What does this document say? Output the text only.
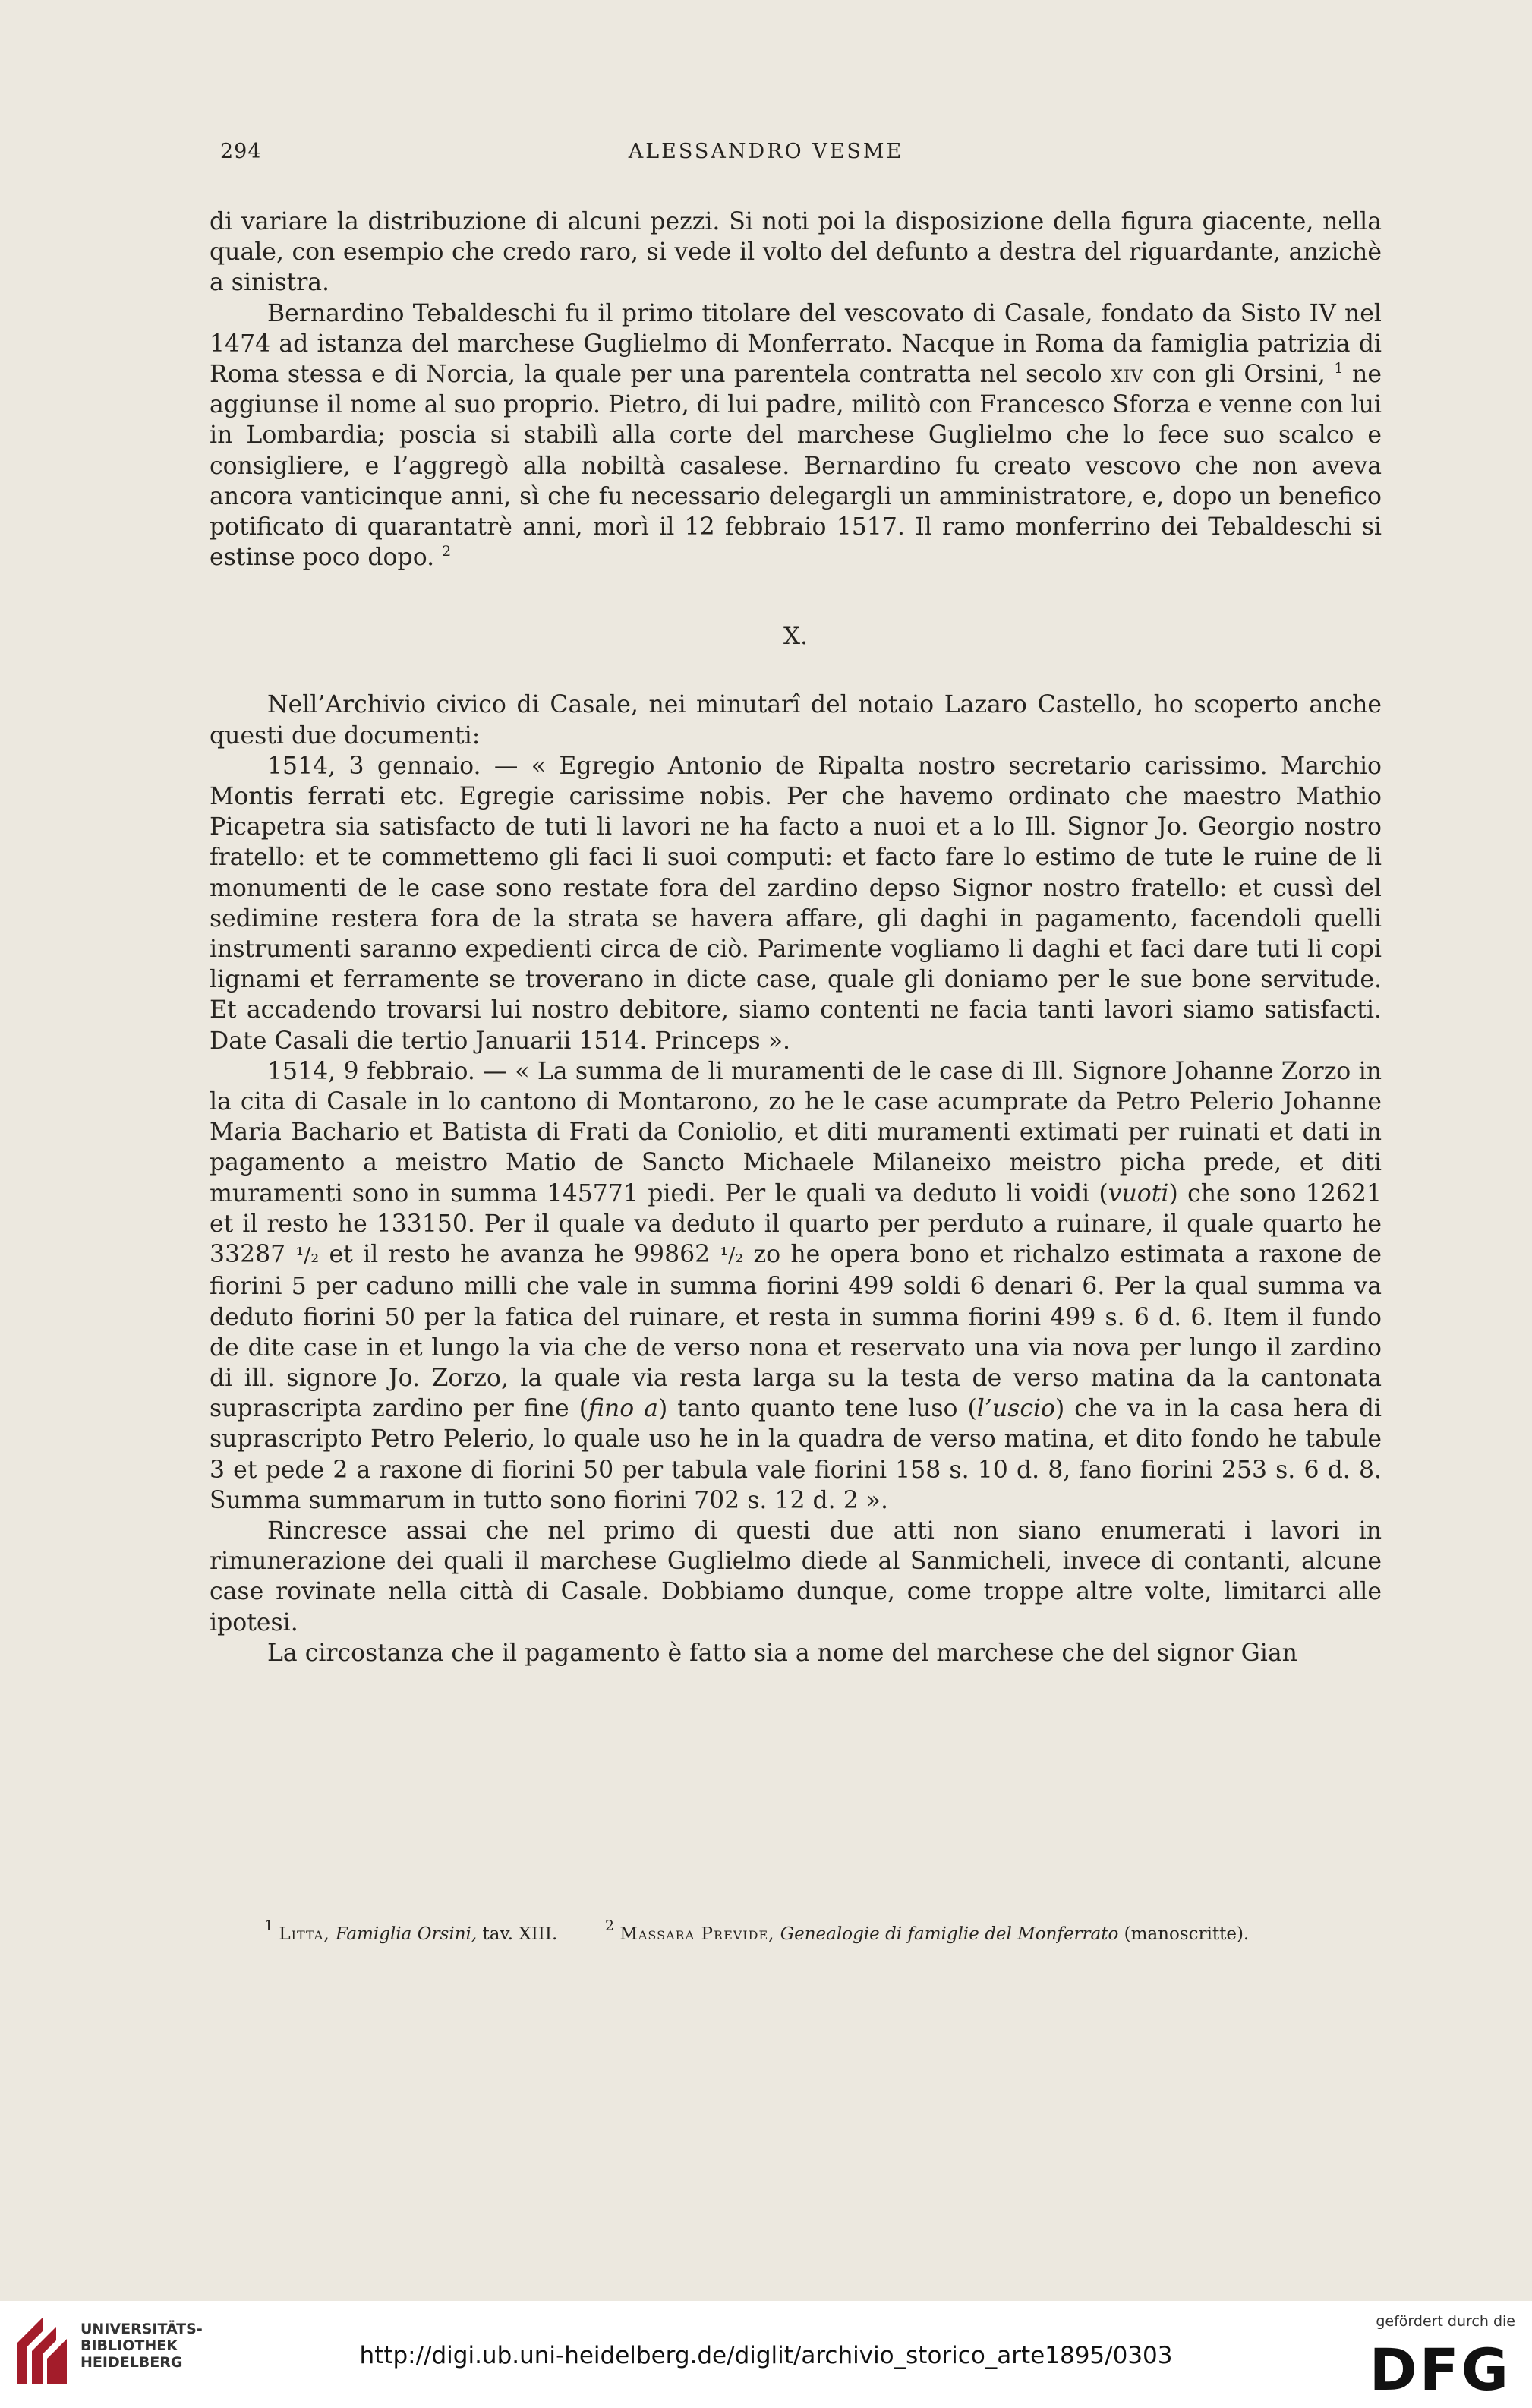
294	ALESSANDRO VESME

di variare la distribuzione di alcuni pezzi. Si noti poi la disposizione della figura giacente, nella quale, con esempio che credo raro, si vede il volto del defunto a destra del riguardante, anzichè a sinistra.

Bernardino Tebaldeschi fu il primo titolare del vescovato di Casale, fondato da Sisto IV nel 1474 ad istanza del marchese Guglielmo di Monferrato. Nacque in Roma da famiglia patrizia di Roma stessa e di Norcia, la quale per una parentela contratta nel secolo xiv con gli Orsini, $^1$ ne aggiunse il nome al suo proprio. Pietro, di lui padre, militò con Francesco Sforza e venne con lui in Lombardia; poscia si stabilì alla corte del marchese Guglielmo che lo fece suo scalco e consigliere, e l’aggregò alla nobiltà casalese. Bernardino fu creato vescovo che non aveva ancora vanticinque anni, sì che fu necessario delegargli un amministratore, e, dopo un benefico potificato di quarantatrè anni, morì il 12 febbraio 1517. Il ramo monferrino dei Tebaldeschi si estinse poco dopo. $^2$

X.

Nell’Archivio civico di Casale, nei minutarî del notaio Lazaro Castello, ho scoperto anche questi due documenti:

1514, 3 gennaio. — « Egregio Antonio de Ripalta nostro secretario carissimo. Marchio Montis ferrati etc. Egregie carissime nobis. Per che havemo ordinato che maestro Mathio Picapetra sia satisfacto de tuti li lavori ne ha facto a nuoi et a lo Ill. Signor Jo. Georgio nostro fratello: et te commettemo gli faci li suoi computi: et facto fare lo estimo de tute le ruine de li monumenti de le case sono restate fora del zardino depso Signor nostro fratello: et cussì del sedimine restera fora de la strata se havera affare, gli daghi in pagamento, facendoli quelli instrumenti saranno expedienti circa de ciò. Parimente vogliamo li daghi et faci dare tuti li copi lignami et ferramente se troverano in dicte case, quale gli doniamo per le sue bone servitude. Et accadendo trovarsi lui nostro debitore, siamo contenti ne facia tanti lavori siamo satisfacti. Date Casali die tertio Januarii 1514. Princeps ».

1514, 9 febbraio. — « La summa de li muramenti de le case di Ill. Signore Johanne Zorzo in la cita di Casale in lo cantono di Montarono, zo he le case acumprate da Petro Pelerio Johanne Maria Bachario et Batista di Frati da Coniolio, et diti muramenti extimati per ruinati et dati in pagamento a meistro Matio de Sancto Michaele Milaneixo meistro picha prede, et diti muramenti sono in summa 145771 piedi. Per le quali va deduto li voidi (vuoti) che sono 12621 et il resto he 133150. Per il quale va deduto il quarto per perduto a ruinare, il quale quarto he 33287 ¹/₂ et il resto he avanza he 99862 ¹/₂ zo he opera bono et richalzo estimata a raxone de fiorini 5 per caduno milli che vale in summa fiorini 499 soldi 6 denari 6. Per la qual summa va deduto fiorini 50 per la fatica del ruinare, et resta in summa fiorini 499 s. 6 d. 6. Item il fundo de dite case in et lungo la via che de verso nona et reservato una via nova per lungo il zardino di ill. signore Jo. Zorzo, la quale via resta larga su la testa de verso matina da la cantonata suprascripta zardino per fine (fino a) tanto quanto tene luso (l’uscio) che va in la casa hera di suprascripto Petro Pelerio, lo quale uso he in la quadra de verso matina, et dito fondo he tabule 3 et pede 2 a raxone di fiorini 50 per tabula vale fiorini 158 s. 10 d. 8, fano fiorini 253 s. 6 d. 8. Summa summarum in tutto sono fiorini 702 s. 12 d. 2 ».

Rincresce assai che nel primo di questi due atti non siano enumerati i lavori in rimunerazione dei quali il marchese Guglielmo diede al Sanmicheli, invece di contanti, alcune case rovinate nella città di Casale. Dobbiamo dunque, come troppe altre volte, limitarci alle ipotesi.

La circostanza che il pagamento è fatto sia a nome del marchese che del signor Gian

$^1$ Litta, Famiglia Orsini, tav. XIII.	$^2$ Massara Previde, Genealogie di famiglie del Monferrato (manoscritte).
UNIVERSITÄTS-
BIBLIOTHEK
HEIDELBERG	http://digi.ub.uni-heidelberg.de/diglit/archivio_storico_arte1895/0303
gefördert durch die
DFG
